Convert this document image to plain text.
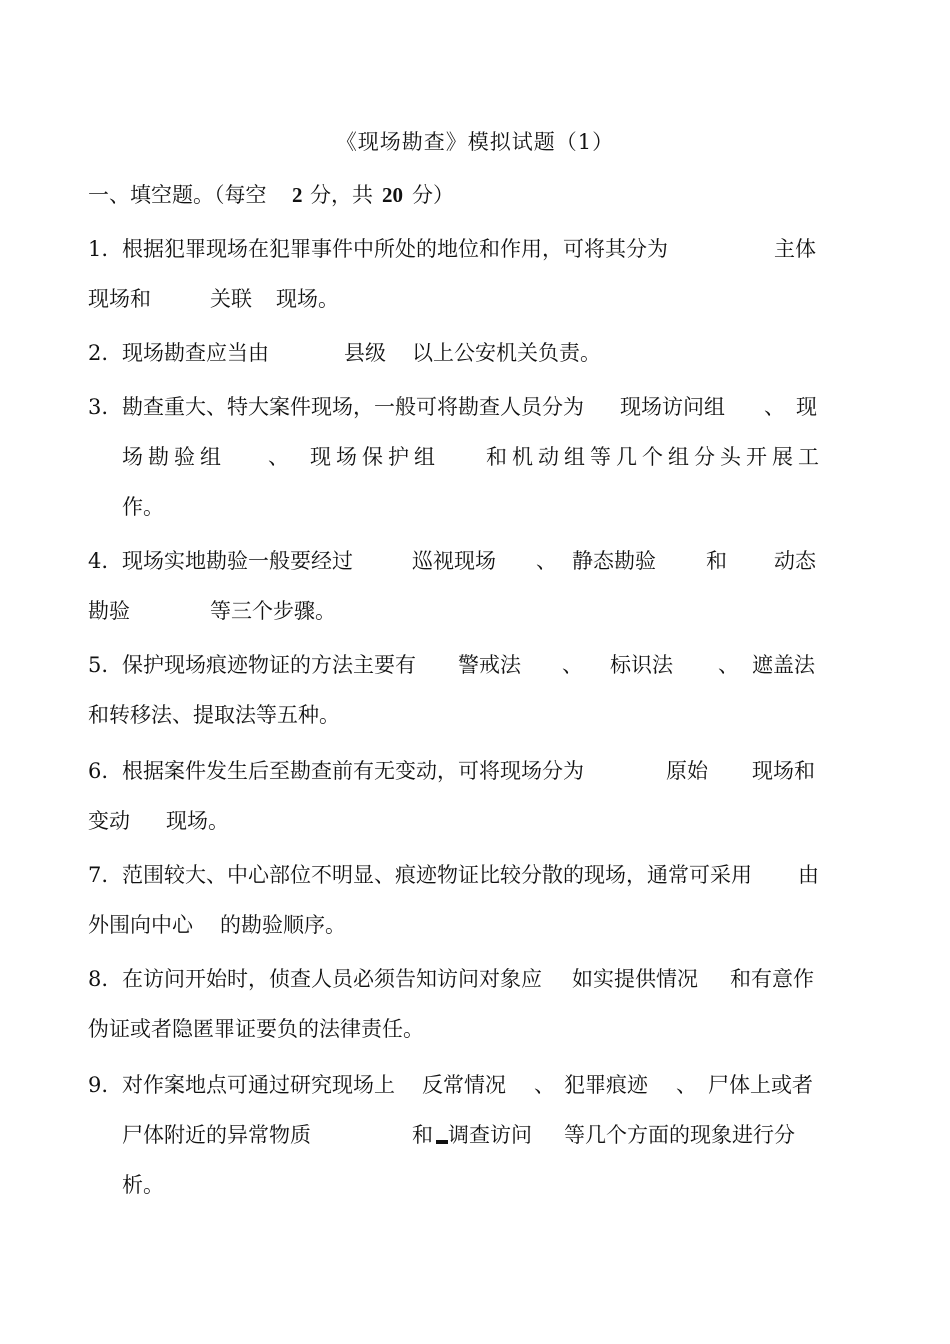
《现场勘查》模拟试题（1）
一、填空题。（每空 2 分，共 20 分）
1. 根据犯罪现场在犯罪事件中所处的地位和作用，可将其分为	主体
现场和	关联 现场。
2. 现场勘查应当由	县级 以上公安机关负责。
3. 勘查重大、特大案件现场，一般可将勘查人员分为 现场访问组 、 现
场勘验组 、 现场保护组 和机动组等几个组分头开展工
作。
4. 现场实地勘验一般要经过	巡视现场 、 静态勘验 和 动态
勘验	等三个步骤。
5. 保护现场痕迹物证的方法主要有 警戒法 、 标识法 、 遮盖法
和转移法、提取法等五种。
6. 根据案件发生后至勘查前有无变动，可将现场分为	原始 现场和
变动 现场。
7. 范围较大、中心部位不明显、痕迹物证比较分散的现场，通常可采用 由
外围向中心 的勘验顺序。
8. 在访问开始时，侦查人员必须告知访问对象应 如实提供情况 和有意作
伪证或者隐匿罪证要负的法律责任。
9. 对作案地点可通过研究现场上 反常情况 、 犯罪痕迹 、 尸体上或者
尸体附近的异常物质	和 调查访问 等几个方面的现象进行分
析。
